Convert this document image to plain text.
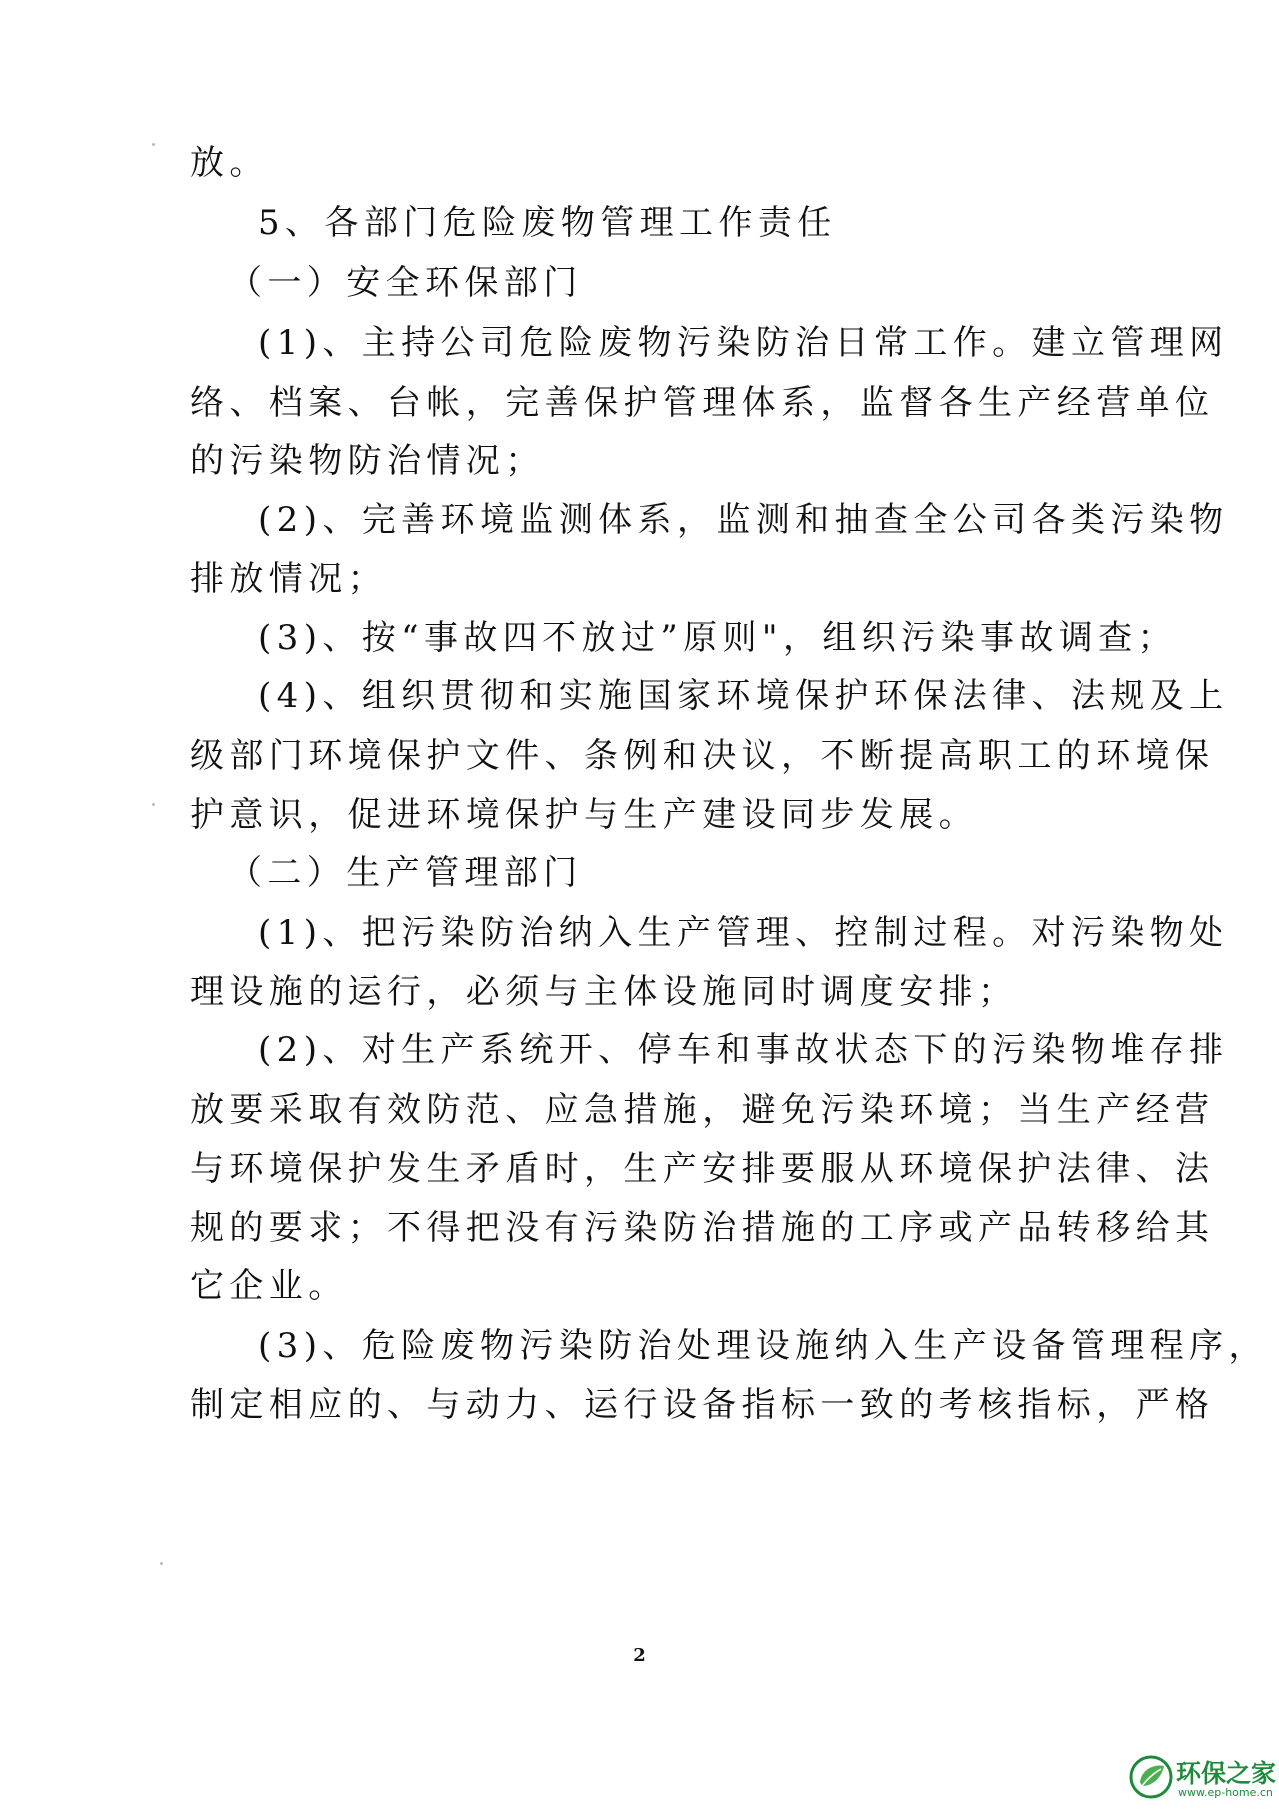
放。
5、各部门危险废物管理工作责任
（一）安全环保部门
(1)、主持公司危险废物污染防治日常工作。建立管理网
络、档案、台帐，完善保护管理体系，监督各生产经营单位
的污染物防治情况；
(2)、完善环境监测体系，监测和抽查全公司各类污染物
排放情况；
(3)、按“事故四不放过”原则"，组织污染事故调查；
(4)、组织贯彻和实施国家环境保护环保法律、法规及上
级部门环境保护文件、条例和决议，不断提高职工的环境保
护意识，促进环境保护与生产建设同步发展。
（二）生产管理部门
(1)、把污染防治纳入生产管理、控制过程。对污染物处
理设施的运行，必须与主体设施同时调度安排；
(2)、对生产系统开、停车和事故状态下的污染物堆存排
放要采取有效防范、应急措施，避免污染环境；当生产经营
与环境保护发生矛盾时，生产安排要服从环境保护法律、法
规的要求；不得把没有污染防治措施的工序或产品转移给其
它企业。
(3)、危险废物污染防治处理设施纳入生产设备管理程序，
制定相应的、与动力、运行设备指标一致的考核指标，严格
2
环保之家
www.ep-home.cn
